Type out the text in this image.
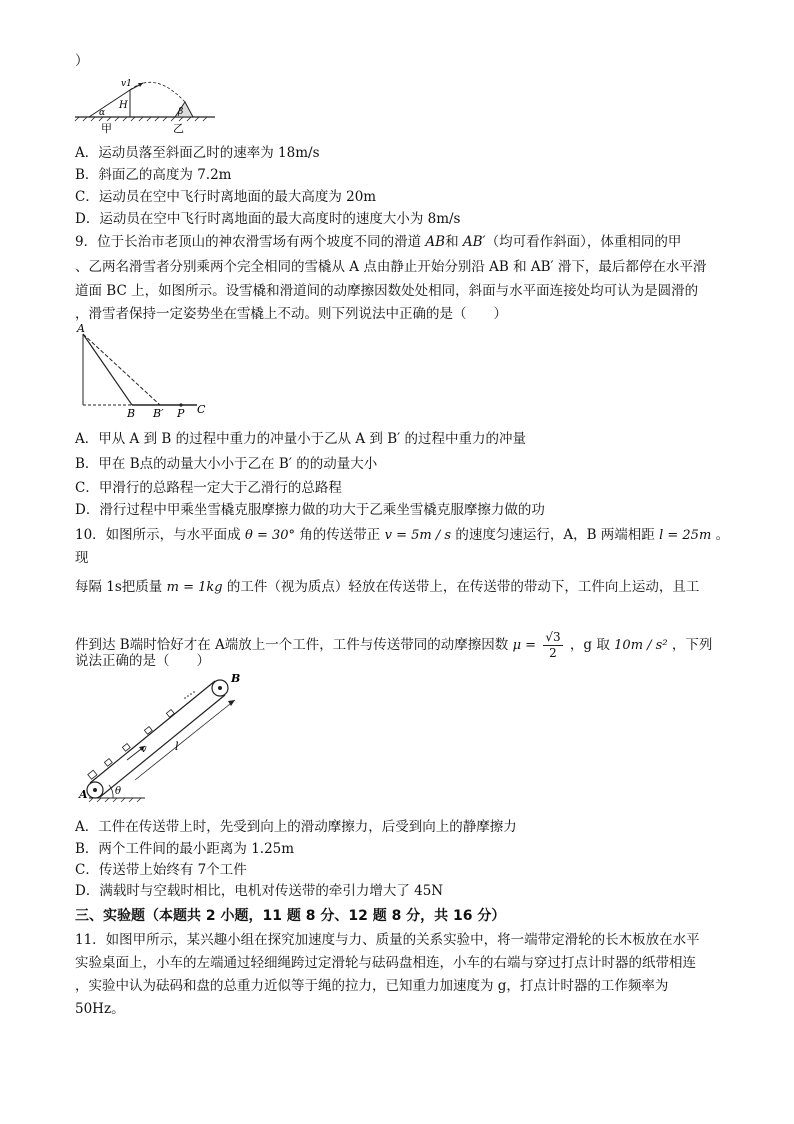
）
v1
H
α	β
甲	乙
A．运动员落至斜面乙时的速率为 18m/s
B．斜面乙的高度为 7.2m
C．运动员在空中飞行时离地面的最大高度为 20m
D．运动员在空中飞行时离地面的最大高度时的速度大小为 8m/s
9．位于长治市老顶山的神农滑雪场有两个坡度不同的滑道 AB和 AB′（均可看作斜面），体重相同的甲
、乙两名滑雪者分别乘两个完全相同的雪橇从 A 点由静止开始分别沿 AB 和 AB′ 滑下，最后都停在水平滑
道面 BC 上，如图所示。设雪橇和滑道间的动摩擦因数处处相同，斜面与水平面连接处均可认为是圆滑的
，滑雪者保持一定姿势坐在雪橇上不动。则下列说法中正确的是（　　）
A
B B′ P C
A．甲从 A 到 B 的过程中重力的冲量小于乙从 A 到 B′ 的过程中重力的冲量
B．甲在 B点的动量大小小于乙在 B′ 的的动量大小
C．甲滑行的总路程一定大于乙滑行的总路程
D．滑行过程中甲乘坐雪橇克服摩擦力做的功大于乙乘坐雪橇克服摩擦力做的功
10．如图所示，与水平面成 θ = 30° 角的传送带正 v = 5m / s 的速度匀速运行，A，B 两端相距 l = 25m 。
现
每隔 1s把质量 m = 1kg 的工件（视为质点）轻放在传送带上，在传送带的带动下，工件向上运动，且工
件到达 B端时恰好才在 A端放上一个工件，工件与传送带同的动摩擦因数 $\mu = \frac{√3}{2}$ ，g 取 10m / s² ，下列
说法正确的是（　　）
A
B
v	l
θ
A．工件在传送带上时，先受到向上的滑动摩擦力，后受到向上的静摩擦力
B．两个工件间的最小距离为 1.25m
C．传送带上始终有 7个工件
D．满载时与空载时相比，电机对传送带的牵引力增大了 45N
三、实验题（本题共 2 小题，11 题 8 分、12 题 8 分，共 16 分）
11．如图甲所示，某兴趣小组在探究加速度与力、质量的关系实验中，将一端带定滑轮的长木板放在水平
实验桌面上，小车的左端通过轻细绳跨过定滑轮与砝码盘相连，小车的右端与穿过打点计时器的纸带相连
，实验中认为砝码和盘的总重力近似等于绳的拉力，已知重力加速度为 g，打点计时器的工作频率为
50Hz。
